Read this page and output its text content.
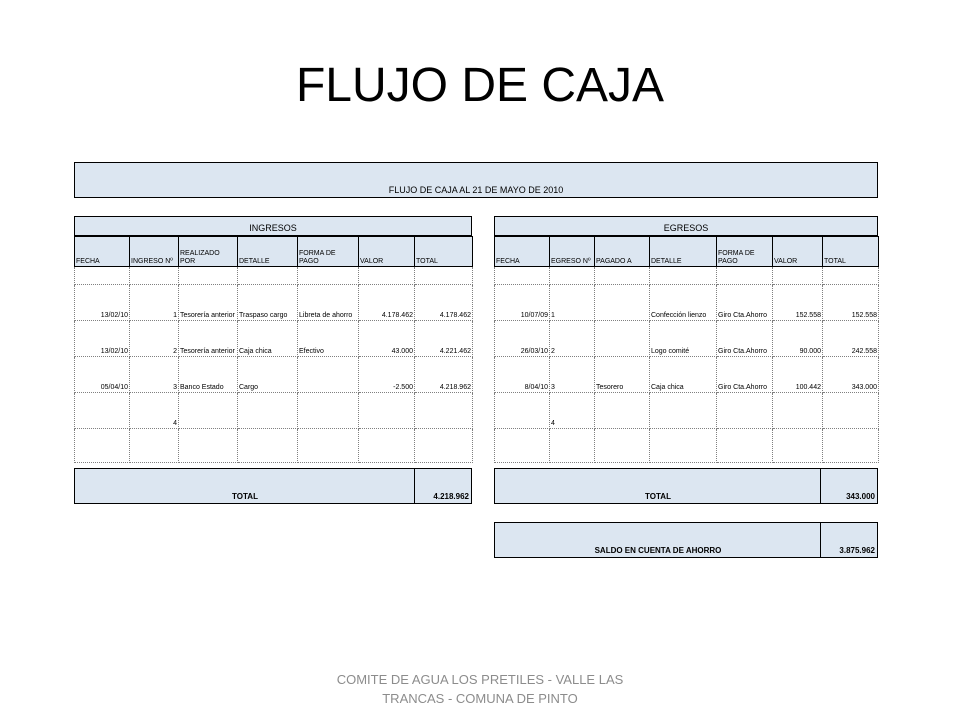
FLUJO DE CAJA
FLUJO DE CAJA AL 21 DE MAYO DE 2010
INGRESOS	EGRESOS
FECHA	INGRESO Nº	REALIZADO POR	DETALLE	FORMA DE PAGO	VALOR	TOTAL

13/02/10	1	Tesorería anterior	Traspaso cargo	Libreta de ahorro	4.178.462	4.178.462
13/02/10	2	Tesorería anterior	Caja chica	Efectivo	43.000	4.221.462
05/04/10	3	Banco Estado	Cargo		-2.500	4.218.962
	4					

FECHA	EGRESO Nº	PAGADO A	DETALLE	FORMA DE PAGO	VALOR	TOTAL

10/07/09	1		Confección lienzo	Giro Cta.Ahorro	152.558	152.558
26/03/10	2		Logo comité	Giro Cta.Ahorro	90.000	242.558
8/04/10	3	Tesorero	Caja chica	Giro Cta.Ahorro	100.442	343.000
	4					

TOTAL	4.218.962	TOTAL	343.000
SALDO EN CUENTA DE AHORRO	3.875.962
COMITE DE AGUA LOS PRETILES - VALLE LAS TRANCAS - COMUNA DE PINTO
